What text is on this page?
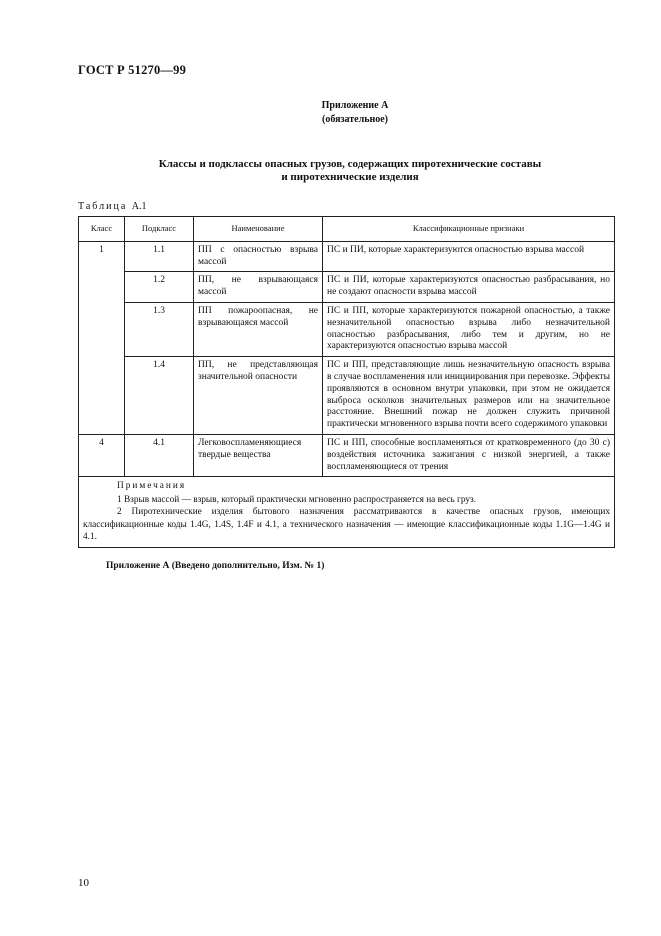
ГОСТ Р 51270—99
Приложение А
(обязательное)
Классы и подклассы опасных грузов, содержащих пиротехнические составы
и пиротехнические изделия
Таблица А.1
Класс	Подкласс	Наименование	Классификационные признаки
1	1.1	ПП с опасностью взрыва массой	ПС и ПИ, которые характеризуются опасностью взрыва массой
	1.2	ПП, не взрывающаяся массой	ПС и ПИ, которые характеризуются опасностью разбрасывания, но не создают опасности взрыва массой
	1.3	ПП пожароопасная, не взрывающаяся массой	ПС и ПП, которые характеризуются пожарной опасностью, а также незначительной опасностью взрыва либо незначительной опасностью разбрасывания, либо тем и другим, но не характеризуются опасностью взрыва массой
	1.4	ПП, не представляющая значительной опасности	ПС и ПП, представляющие лишь незначительную опасность взрыва в случае воспламенения или инициирования при перевозке. Эффекты проявляются в основном внутри упаковки, при этом не ожидается выброса осколков значительных размеров или на значительное расстояние. Внешний пожар не должен служить причиной практически мгновенного взрыва почти всего содержимого упаковки
4	4.1	Легковоспламеняющиеся твердые вещества	ПС и ПП, способные воспламеняться от кратковременного (до 30 с) воздействия источника зажигания с низкой энергией, а также воспламеняющиеся от трения

Примечания
1 Взрыв массой — взрыв, который практически мгновенно распространяется на весь груз.
2 Пиротехнические изделия бытового назначения рассматриваются в качестве опасных грузов, имеющих классификационные коды 1.4G, 1.4S, 1.4F и 4.1, а технического назначения — имеющие классификационные коды 1.1G—1.4G и 4.1.			
Приложение А (Введено дополнительно, Изм. № 1)
10
